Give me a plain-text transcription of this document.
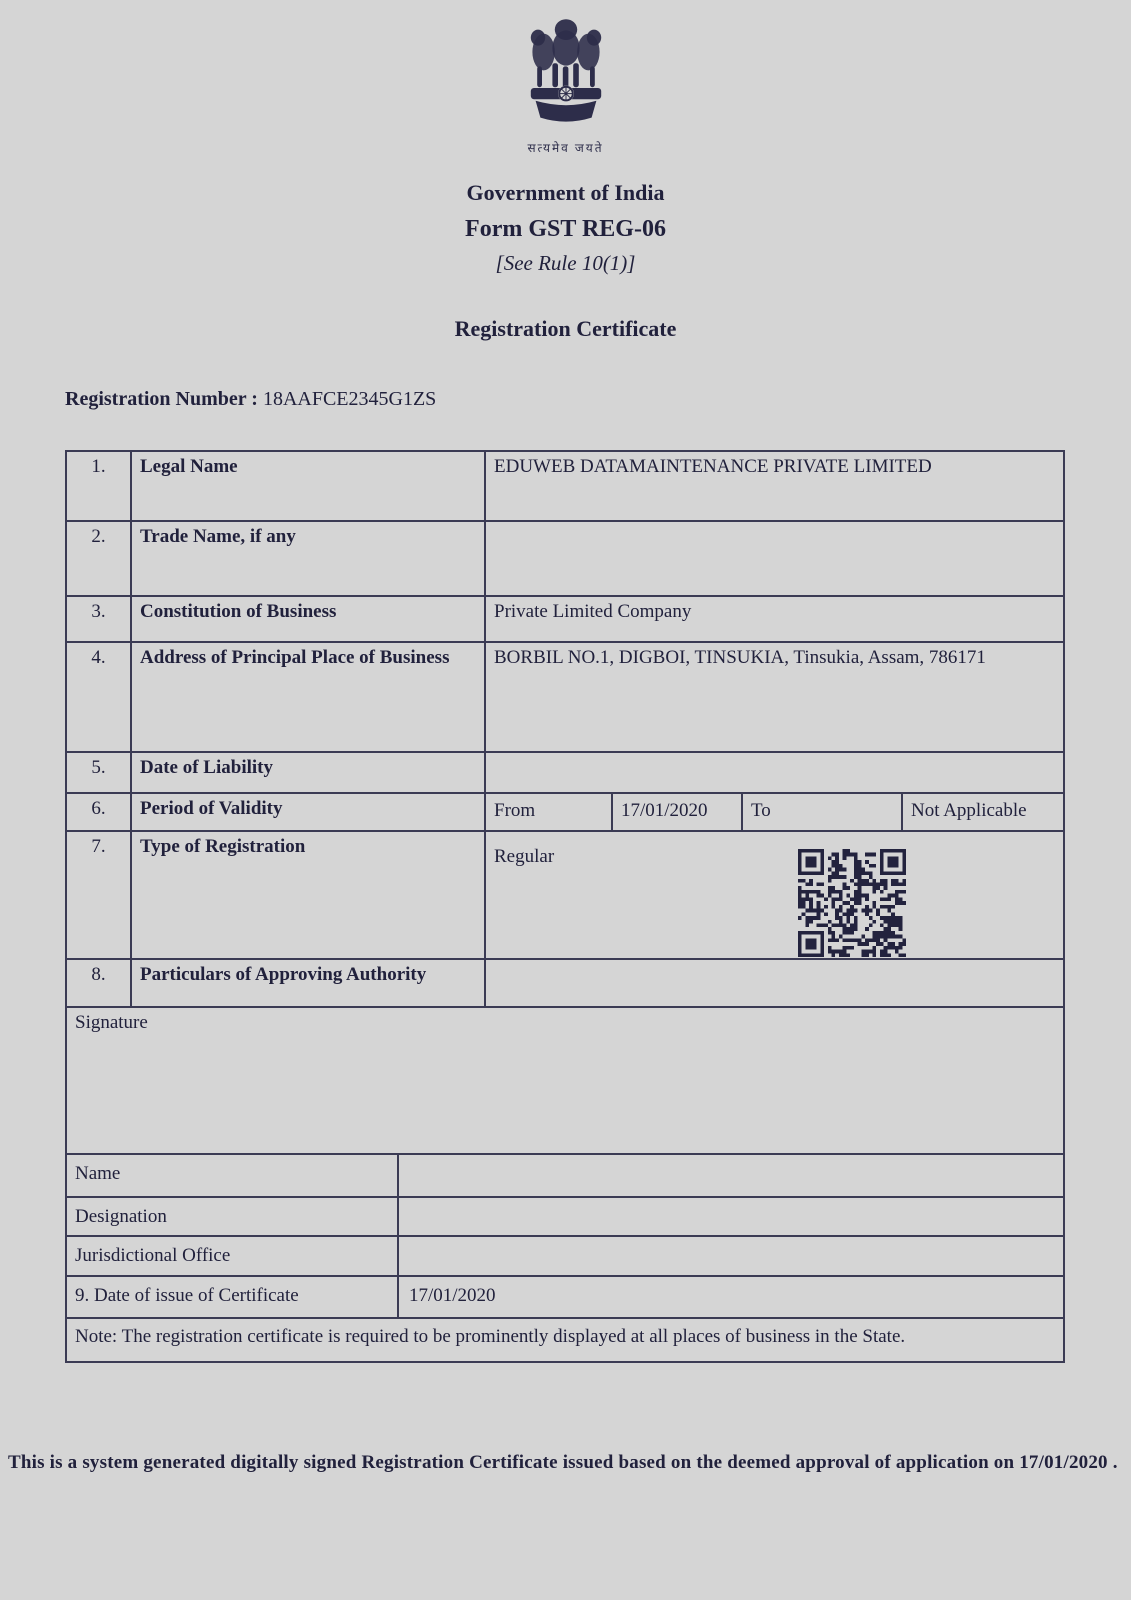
सत्यमेव जयते
Government of India
Form GST REG-06
[See Rule 10(1)]
Registration Certificate
Registration Number : 18AAFCE2345G1ZS
1.	Legal Name	EDUWEB DATAMAINTENANCE PRIVATE LIMITED
2.	Trade Name, if any
3.	Constitution of Business	Private Limited Company
4.	Address of Principal Place of Business	BORBIL NO.1, DIGBOI, TINSUKIA, Tinsukia, Assam, 786171
5.	Date of Liability
6.	Period of Validity	From	17/01/2020	To	Not Applicable
7.	Type of Registration	Regular
8.	Particulars of Approving Authority
Signature
Name
Designation
Jurisdictional Office
9. Date of issue of Certificate	17/01/2020
Note: The registration certificate is required to be prominently displayed at all places of business in the State.
This is a system generated digitally signed Registration Certificate issued based on the deemed approval of application on 17/01/2020 .
